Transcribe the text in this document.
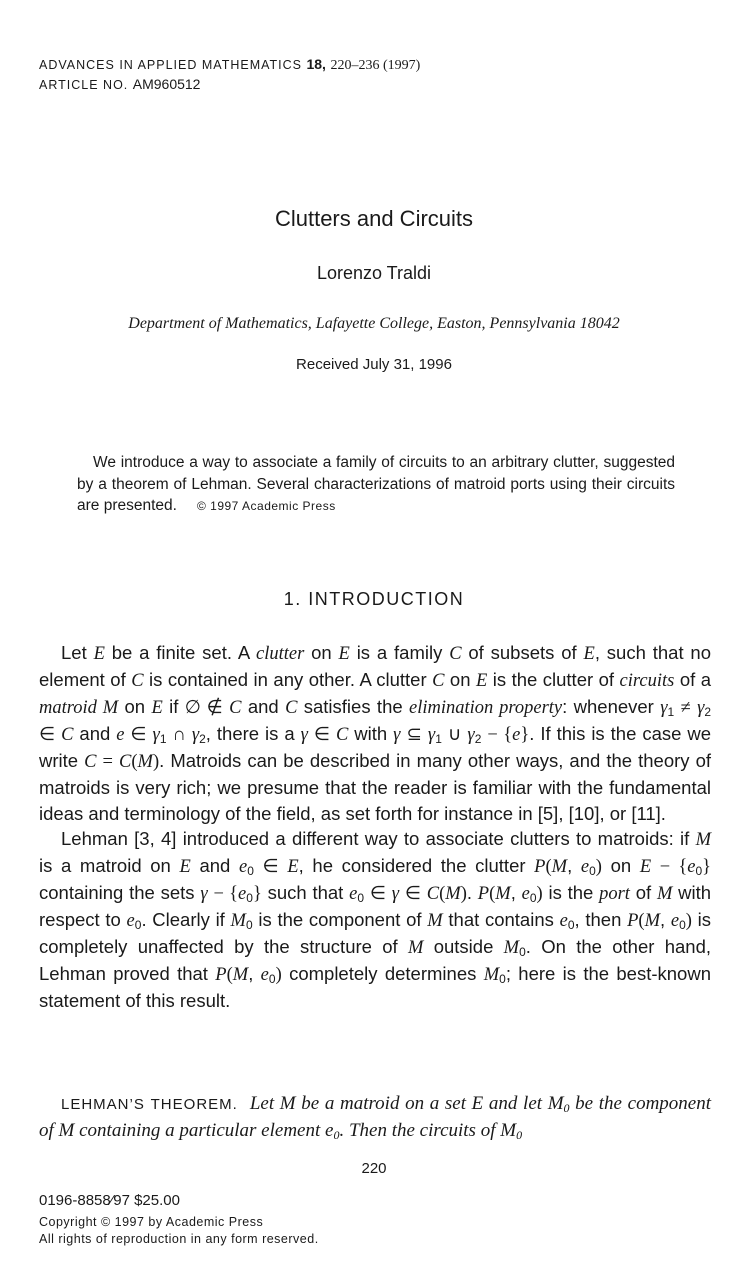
ADVANCES IN APPLIED MATHEMATICS 18, 220–236 (1997)
ARTICLE NO. AM960512
Clutters and Circuits
Lorenzo Traldi
Department of Mathematics, Lafayette College, Easton, Pennsylvania 18042
Received July 31, 1996

We introduce a way to associate a family of circuits to an arbitrary clutter, suggested by a theorem of Lehman. Several characterizations of matroid ports using their circuits are presented. © 1997 Academic Press

1. INTRODUCTION

Let E be a finite set. A clutter on E is a family C of subsets of E, such that no element of C is contained in any other. A clutter C on E is the clutter of circuits of a matroid M on E if ∅ ∉ C and C satisfies the elimination property: whenever $\gamma_1 \ne \gamma_2$ ∈ C and e ∈ $\gamma_1$ ∩ $\gamma_2$, there is a γ ∈ C with γ ⊆ $\gamma_1$ ∪ $\gamma_2 - \{e\}$. If this is the case we write C = C(M). Matroids can be described in many other ways, and the theory of matroids is very rich; we presume that the reader is familiar with the fundamental ideas and terminology of the field, as set forth for instance in [5], [10], or [11].

Lehman [3, 4] introduced a different way to associate clutters to matroids: if M is a matroid on E and $e_0$ ∈ E, he considered the clutter P(M, $e_0$) on $E - \{e_0\}$ containing the sets $\gamma - \{e_0\}$ such that $e_0$ ∈ γ ∈ C(M). P(M, $e_0$) is the port of M with respect to $e_0$. Clearly if $M_0$ is the component of M that contains $e_0$, then P(M, $e_0$) is completely unaffected by the structure of M outside $M_0$. On the other hand, Lehman proved that P(M, $e_0$) completely determines $M_0$; here is the best-known statement of this result.

LEHMAN’S THEOREM. Let M be a matroid on a set E and let $M_0$ be the component of M containing a particular element $e_0$. Then the circuits of $M_0$

220
0196-8858⁄97 $25.00
Copyright © 1997 by Academic Press
All rights of reproduction in any form reserved.
